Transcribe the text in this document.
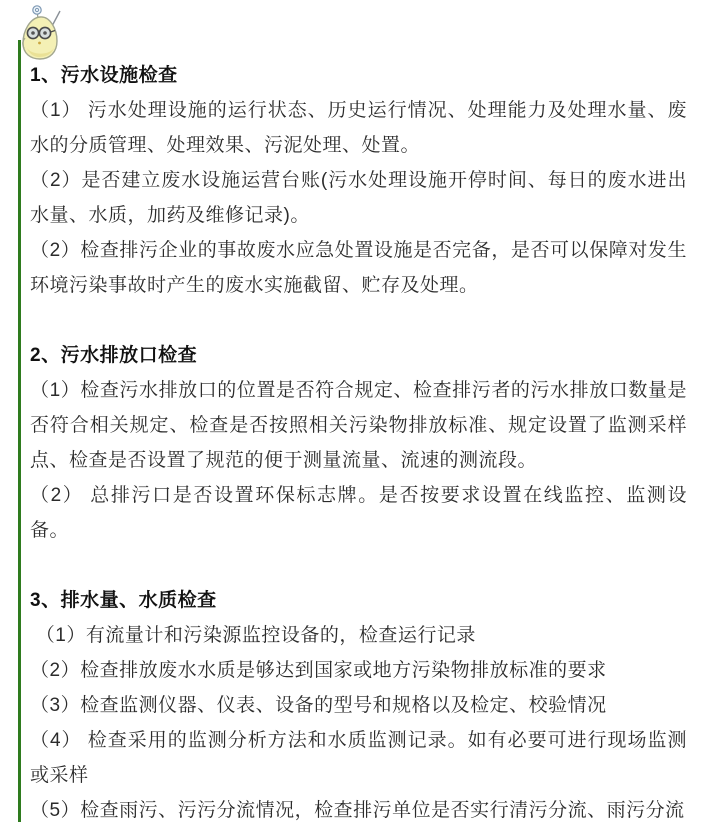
1、污水设施检查

（1） 污水处理设施的运行状态、历史运行情况、处理能力及处理水量、废水的分质管理、处理效果、污泥处理、处置。

（2）是否建立废水设施运营台账(污水处理设施开停时间、每日的废水进出水量、水质，加药及维修记录)。

（2）检查排污企业的事故废水应急处置设施是否完备，是否可以保障对发生环境污染事故时产生的废水实施截留、贮存及处理。

2、污水排放口检查

（1）检查污水排放口的位置是否符合规定、检查排污者的污水排放口数量是否符合相关规定、检查是否按照相关污染物排放标准、规定设置了监测采样点、检查是否设置了规范的便于测量流量、流速的测流段。

（2） 总排污口是否设置环保标志牌。是否按要求设置在线监控、监测设备。

3、排水量、水质检查

（1）有流量计和污染源监控设备的，检查运行记录

（2）检查排放废水水质是够达到国家或地方污染物排放标准的要求

（3）检查监测仪器、仪表、设备的型号和规格以及检定、校验情况

（4） 检查采用的监测分析方法和水质监测记录。如有必要可进行现场监测或采样

（5）检查雨污、污污分流情况，检查排污单位是否实行清污分流、雨污分流
